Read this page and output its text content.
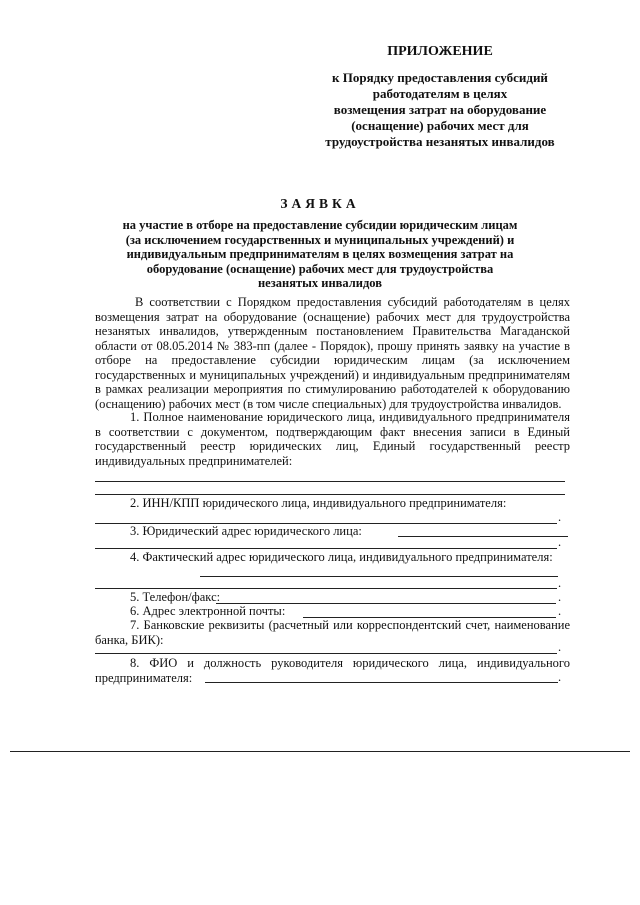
ПРИЛОЖЕНИЕ
к Порядку предоставления субсидий
работодателям в целях
возмещения затрат на оборудование
(оснащение) рабочих мест для
трудоустройства незанятых инвалидов
ЗАЯВКА
на участие в отборе на предоставление субсидии юридическим лицам
(за исключением государственных и муниципальных учреждений) и
индивидуальным предпринимателям в целях возмещения затрат на
оборудование (оснащение) рабочих мест для трудоустройства
незанятых инвалидов

В соответствии с Порядком предоставления субсидий работодателям в целях возмещения затрат на оборудование (оснащение) рабочих мест для трудоустройства незанятых инвалидов, утвержденным постановлением Правительства Магаданской области от 08.05.2014 № 383-пп (далее - Порядок), прошу принять заявку на участие в отборе на предоставление субсидии юридическим лицам (за исключением государственных и муниципальных учреждений) и индивидуальным предпринимателям в рамках реализации мероприятия по стимулированию работодателей к оборудованию (оснащению) рабочих мест (в том числе специальных) для трудоустройства инвалидов.

1. Полное наименование юридического лица, индивидуального предпринимателя в соответствии с документом, подтверждающим факт внесения записи в Единый государственный реестр юридических лиц, Единый государственный реестр индивидуальных предпринимателей:

2. ИНН/КПП юридического лица, индивидуального предпринимателя:

.

3. Юридический адрес юридического лица:

.

4. Фактический адрес юридического лица, индивидуального предпринимателя:

.

5. Телефон/факс:	.

6. Адрес электронной почты:	.

7. Банковские реквизиты (расчетный или корреспондентский счет, наименование банка, БИК):

.

8. ФИО и должность руководителя юридического лица, индивидуального предпринимателя:	.
